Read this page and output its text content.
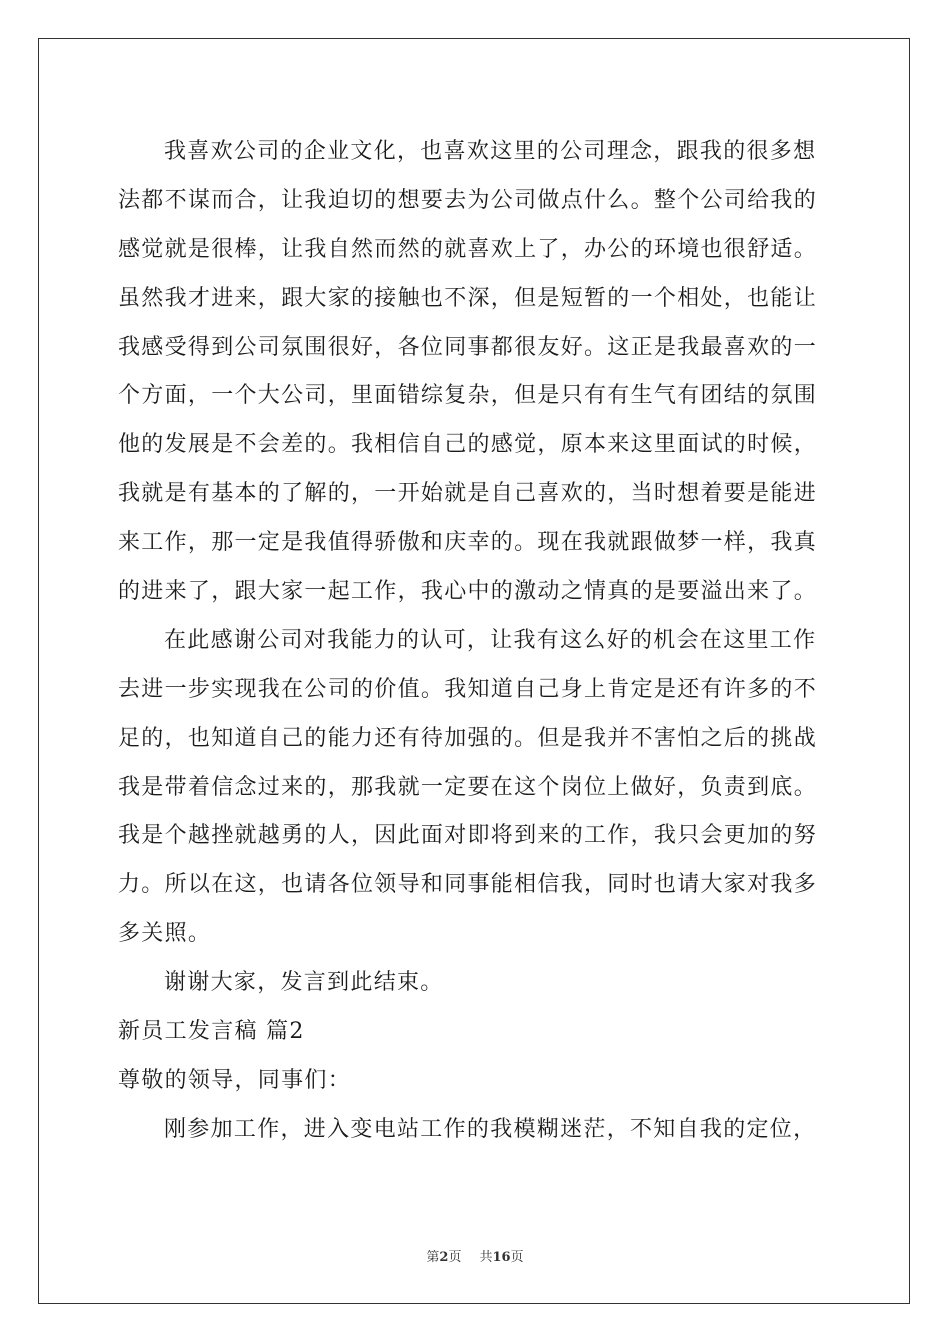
我喜欢公司的企业文化，也喜欢这里的公司理念，跟我的很多想
法都不谋而合，让我迫切的想要去为公司做点什么。整个公司给我的
感觉就是很棒，让我自然而然的就喜欢上了，办公的环境也很舒适。
虽然我才进来，跟大家的接触也不深，但是短暂的一个相处，也能让
我感受得到公司氛围很好，各位同事都很友好。这正是我最喜欢的一
个方面，一个大公司，里面错综复杂，但是只有有生气有团结的氛围
他的发展是不会差的。我相信自己的感觉，原本来这里面试的时候，
我就是有基本的了解的，一开始就是自己喜欢的，当时想着要是能进
来工作，那一定是我值得骄傲和庆幸的。现在我就跟做梦一样，我真
的进来了，跟大家一起工作，我心中的激动之情真的是要溢出来了。
在此感谢公司对我能力的认可，让我有这么好的机会在这里工作
去进一步实现我在公司的价值。我知道自己身上肯定是还有许多的不
足的，也知道自己的能力还有待加强的。但是我并不害怕之后的挑战
我是带着信念过来的，那我就一定要在这个岗位上做好，负责到底。
我是个越挫就越勇的人，因此面对即将到来的工作，我只会更加的努
力。所以在这，也请各位领导和同事能相信我，同时也请大家对我多
多关照。
谢谢大家，发言到此结束。
新员工发言稿 篇2
尊敬的领导，同事们：
刚参加工作，进入变电站工作的我模糊迷茫，不知自我的定位，
第2页 共16页
